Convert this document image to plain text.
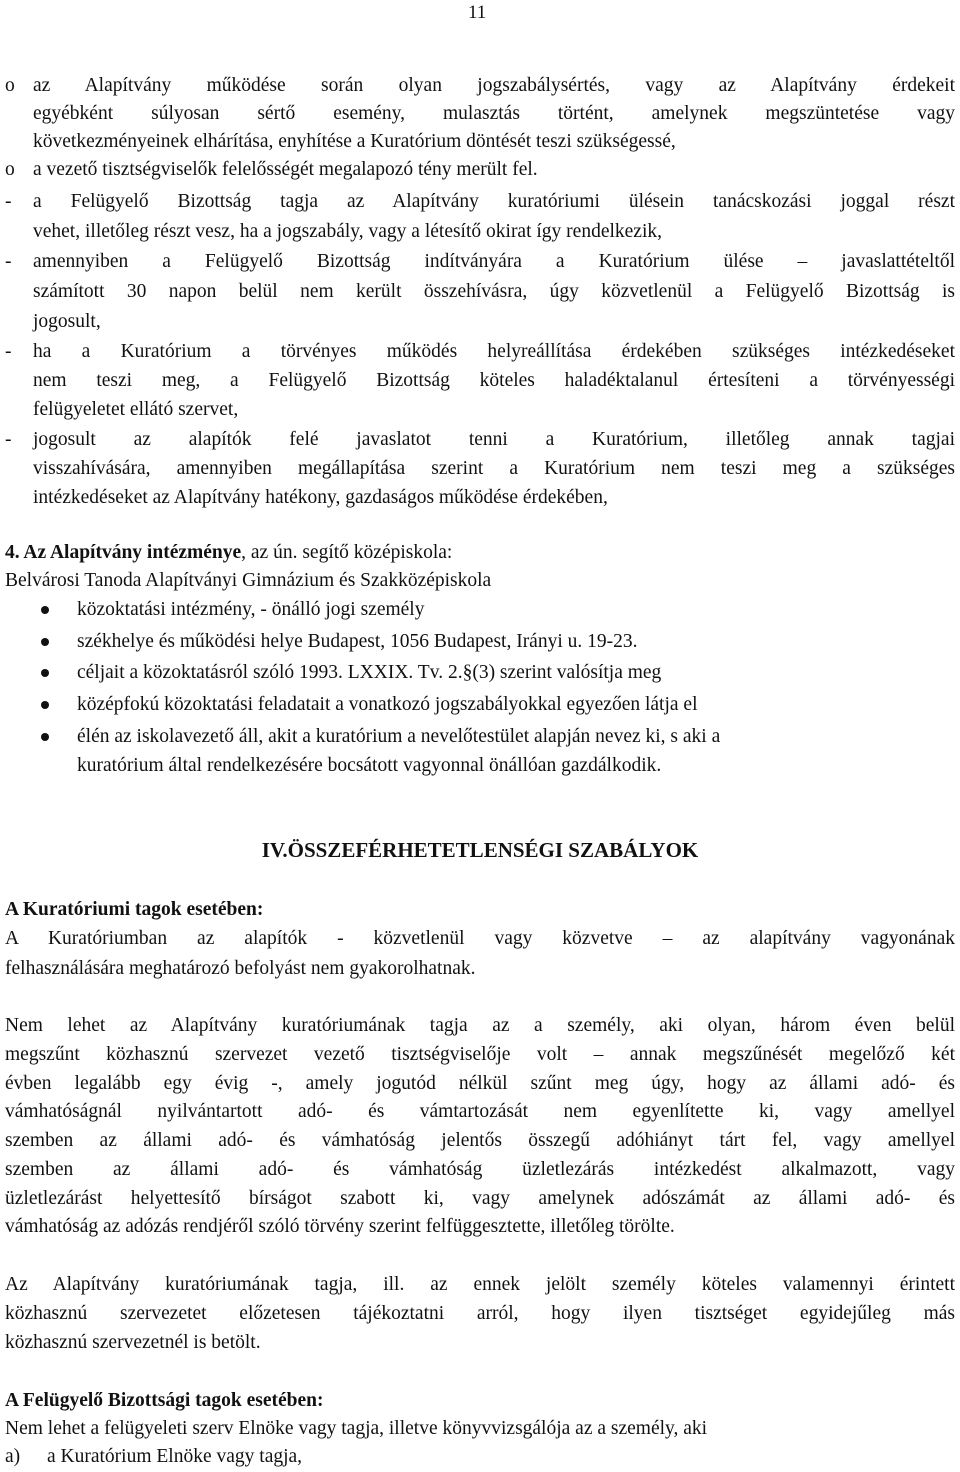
11
o az Alapítvány működése során olyan jogszabálysértés, vagy az Alapítvány érdekeit
egyébként súlyosan sértő esemény, mulasztás történt, amelynek megszüntetése vagy
következményeinek elhárítása, enyhítése a Kuratórium döntését teszi szükségessé,
o a vezető tisztségviselők felelősségét megalapozó tény merült fel.
- a Felügyelő Bizottság tagja az Alapítvány kuratóriumi ülésein tanácskozási joggal részt
vehet, illetőleg részt vesz, ha a jogszabály, vagy a létesítő okirat így rendelkezik,
- amennyiben a Felügyelő Bizottság indítványára a Kuratórium ülése – javaslattételtől
számított 30 napon belül nem került összehívásra, úgy közvetlenül a Felügyelő Bizottság is
jogosult,
- ha a Kuratórium a törvényes működés helyreállítása érdekében szükséges intézkedéseket
nem teszi meg, a Felügyelő Bizottság köteles haladéktalanul értesíteni a törvényességi
felügyeletet ellátó szervet,
- jogosult az alapítók felé javaslatot tenni a Kuratórium, illetőleg annak tagjai
visszahívására, amennyiben megállapítása szerint a Kuratórium nem teszi meg a szükséges
intézkedéseket az Alapítvány hatékony, gazdaságos működése érdekében,
4. Az Alapítvány intézménye, az ún. segítő középiskola:
Belvárosi Tanoda Alapítványi Gimnázium és Szakközépiskola
közoktatási intézmény, - önálló jogi személy
székhelye és működési helye Budapest, 1056 Budapest, Irányi u. 19-23.
céljait a közoktatásról szóló 1993. LXXIX. Tv. 2.§(3) szerint valósítja meg
középfokú közoktatási feladatait a vonatkozó jogszabályokkal egyezően látja el
élén az iskolavezető áll, akit a kuratórium a nevelőtestület alapján nevez ki, s aki a
kuratórium által rendelkezésére bocsátott vagyonnal önállóan gazdálkodik.
IV.ÖSSZEFÉRHETETLENSÉGI SZABÁLYOK
A Kuratóriumi tagok esetében:
A Kuratóriumban az alapítók - közvetlenül vagy közvetve – az alapítvány vagyonának
felhasználására meghatározó befolyást nem gyakorolhatnak.
Nem lehet az Alapítvány kuratóriumának tagja az a személy, aki olyan, három éven belül
megszűnt közhasznú szervezet vezető tisztségviselője volt – annak megszűnését megelőző két
évben legalább egy évig -, amely jogutód nélkül szűnt meg úgy, hogy az állami adó- és
vámhatóságnál nyilvántartott adó- és vámtartozását nem egyenlítette ki, vagy amellyel
szemben az állami adó- és vámhatóság jelentős összegű adóhiányt tárt fel, vagy amellyel
szemben az állami adó- és vámhatóság üzletlezárás intézkedést alkalmazott, vagy
üzletlezárást helyettesítő bírságot szabott ki, vagy amelynek adószámát az állami adó- és
vámhatóság az adózás rendjéről szóló törvény szerint felfüggesztette, illetőleg törölte.
Az Alapítvány kuratóriumának tagja, ill. az ennek jelölt személy köteles valamennyi érintett
közhasznú szervezetet előzetesen tájékoztatni arról, hogy ilyen tisztséget egyidejűleg más
közhasznú szervezetnél is betölt.
A Felügyelő Bizottsági tagok esetében:
Nem lehet a felügyeleti szerv Elnöke vagy tagja, illetve könyvvizsgálója az a személy, aki
a) a Kuratórium Elnöke vagy tagja,
